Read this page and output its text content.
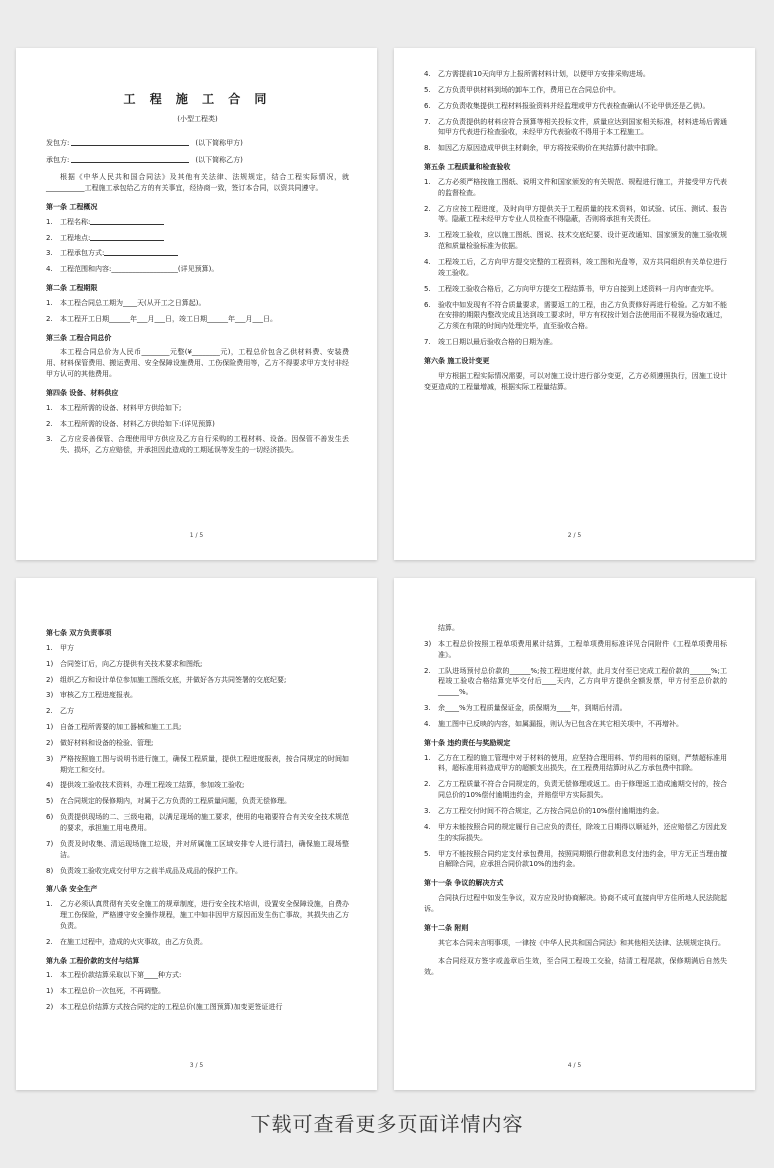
工 程 施 工 合 同
(小型工程类)
发包方:	(以下简称甲方)
承包方:	(以下简称乙方)
根据《中华人民共和国合同法》及其他有关法律、法规规定，结合工程实际情况，就___________工程施工承包给乙方的有关事宜，经协商一致，签订本合同，以资共同遵守。
第一条 工程概况
1.	工程名称:
2.	工程地点:
3.	工程承包方式:
4.	工程范围和内容:___________________(详见预算)。
第二条 工程期限
1.	本工程合同总工期为____天(从开工之日算起)。
2.	本工程开工日期______年___月___日，竣工日期______年___月___日。
第三条 工程合同总价
本工程合同总价为人民币________元整(¥________元)，工程总价包含乙供材料费、安装费用、材料保管费用、搬运费用、安全保障设施费用、工伤保险费用等，乙方不得要求甲方支付非经甲方认可的其他费用。
第四条 设备、材料供应
1.	本工程所需的设备、材料甲方供给如下;
2.	本工程所需的设备、材料乙方供给如下:(详见预算)
3.	乙方应妥善保管、合理使用甲方供应及乙方自行采购的工程材料、设备。因保管不善发生丢失、损坏，乙方应赔偿，并承担因此造成的工期延误等发生的一切经济损失。
1 / 5
4.	乙方需提前10天向甲方上报所需材料计划，以便甲方安排采购进场。
5.	乙方负责甲供材料到场的卸车工作，费用已在合同总价中。
6.	乙方负责收集提供工程材料报验资料并经监理或甲方代表检查确认(不论甲供还是乙供)。
7.	乙方负责提供的材料应符合预算等相关投标文件，质量应达到国家相关标准，材料进场后需通知甲方代表进行检查验收，未经甲方代表验收不得用于本工程施工。
8.	如因乙方原因造成甲供主材剩余，甲方将按采购价在其结算付款中扣除。
第五条 工程质量和检查验收
1.	乙方必须严格按施工图纸、说明文件和国家颁发的有关规范、规程进行施工，并接受甲方代表的监督检查。
2.	乙方应按工程进度，及时向甲方提供关于工程质量的技术资料，如试验、试压、测试、报告等。隐蔽工程未经甲方专业人员检查不得隐蔽，否则将承担有关责任。
3.	工程竣工验收，应以施工图纸、图说、技术交底纪要、设计更改通知、国家颁发的施工验收规范和质量检验标准为依据。
4.	工程竣工后，乙方向甲方提交完整的工程资料，竣工图和光盘等，双方共同组织有关单位进行竣工验收。
5.	工程竣工验收合格后，乙方向甲方提交工程结算书，甲方自接到上述资料一月内审查完毕。
6.	验收中如发现有不符合质量要求，需要返工的工程，由乙方负责修好再进行检验。乙方如不能在安排的期限内整改完成且达到竣工要求时，甲方有权按计划合法使用而不视视为验收通过，乙方须在有限的时间内处理完毕，直至验收合格。
7.	竣工日期以最后验收合格的日期为准。
第六条 施工设计变更
甲方根据工程实际情况需要，可以对施工设计进行部分变更，乙方必须遵照执行，因施工设计变更造成的工程量增减，根据实际工程量结算。
2 / 5
第七条 双方负责事项
1.	甲方
1) 合同签订后，向乙方提供有关技术要求和图纸;
2) 组织乙方和设计单位参加施工图纸交底，并做好各方共同签署的交底纪要;
3) 审核乙方工程进度报表。
2.	乙方
1) 自备工程所需要的加工器械和施工工具;
2) 做好材料和设备的检验、管理;
3) 严格按照施工图与说明书进行施工，确保工程质量，提供工程进度报表，按合同规定的时间如期完工和交付。
4) 提供竣工验收技术资料，办理工程竣工结算，参加竣工验收;
5) 在合同规定的保修期内，对属于乙方负责的工程质量问题，负责无偿修理。
6) 负责提供现场的二、三级电箱，以满足现场的施工要求，使用的电箱要符合有关安全技术规范的要求，承担施工用电费用。
7) 负责及时收集、清运现场施工垃圾，并对所属施工区域安排专人进行清扫，确保施工现场整洁。
8) 负责竣工验收完成交付甲方之前半成品及成品的保护工作。
第八条 安全生产
1.	乙方必须认真贯彻有关安全施工的规章制度，进行安全技术培训，设置安全保障设施，自费办理工伤保险，严格遵守安全操作规程，施工中如非因甲方原因而发生伤亡事故，其损失由乙方负责。
2.	在施工过程中，造成的火灾事故，由乙方负责。
第九条 工程价款的支付与结算
1.	本工程价款结算采取以下第____种方式:
1) 本工程总价一次包死，不再调整。
2) 本工程总价结算方式按合同约定的工程总价(施工图预算)加变更签证进行
3 / 5
结算。
3) 本工程总价按照工程单项费用累计结算，工程单项费用标准详见合同附件《工程单项费用标准》。
2.	工队进场预付总价款的______%;按工程进度付款，此月支付至已完成工程价款的______%;工程竣工验收合格结算完毕交付后____天内，乙方向甲方提供全额发票，甲方付至总价款的______%。
3.	余____%为工程质量保证金，质保期为____年，到期后付清。
4.	施工图中已反映的内容，如属漏报，则认为已包含在其它相关项中，不再增补。
第十条 违约责任与奖励规定
1.	乙方在工程的施工管理中对于材料的使用，应坚持合理用料、节约用料的原则，严禁超标准用料，超标准用料造成甲方的超额支出损失，在工程费用结算时从乙方承包费中扣除。
2.	乙方工程质量不符合合同规定的，负责无偿修理或返工。由于修理返工造成逾期交付的，按合同总价的10%偿付逾期违约金，并赔偿甲方实际损失。
3.	乙方工程交付时间不符合规定，乙方按合同总价的10%偿付逾期违约金。
4.	甲方未能按照合同的规定履行自己应负的责任，除竣工日期得以顺延外，还应赔偿乙方因此发生的实际损失。
5.	甲方不能按照合同约定支付承包费用，按照同期银行借款利息支付违约金，甲方无正当理由擅自解除合同，应承担合同价款10%的违约金。
第十一条 争议的解决方式
合同执行过程中如发生争议，双方应及时协商解决。协商不成可直接向甲方住所地人民法院起诉。
第十二条 附则
其它本合同未言明事项，一律按《中华人民共和国合同法》和其他相关法律、法规规定执行。
本合同经双方签字或盖章后生效，至合同工程竣工交验，结清工程尾款，保修期满后自然失效。
4 / 5
下载可查看更多页面详情内容
